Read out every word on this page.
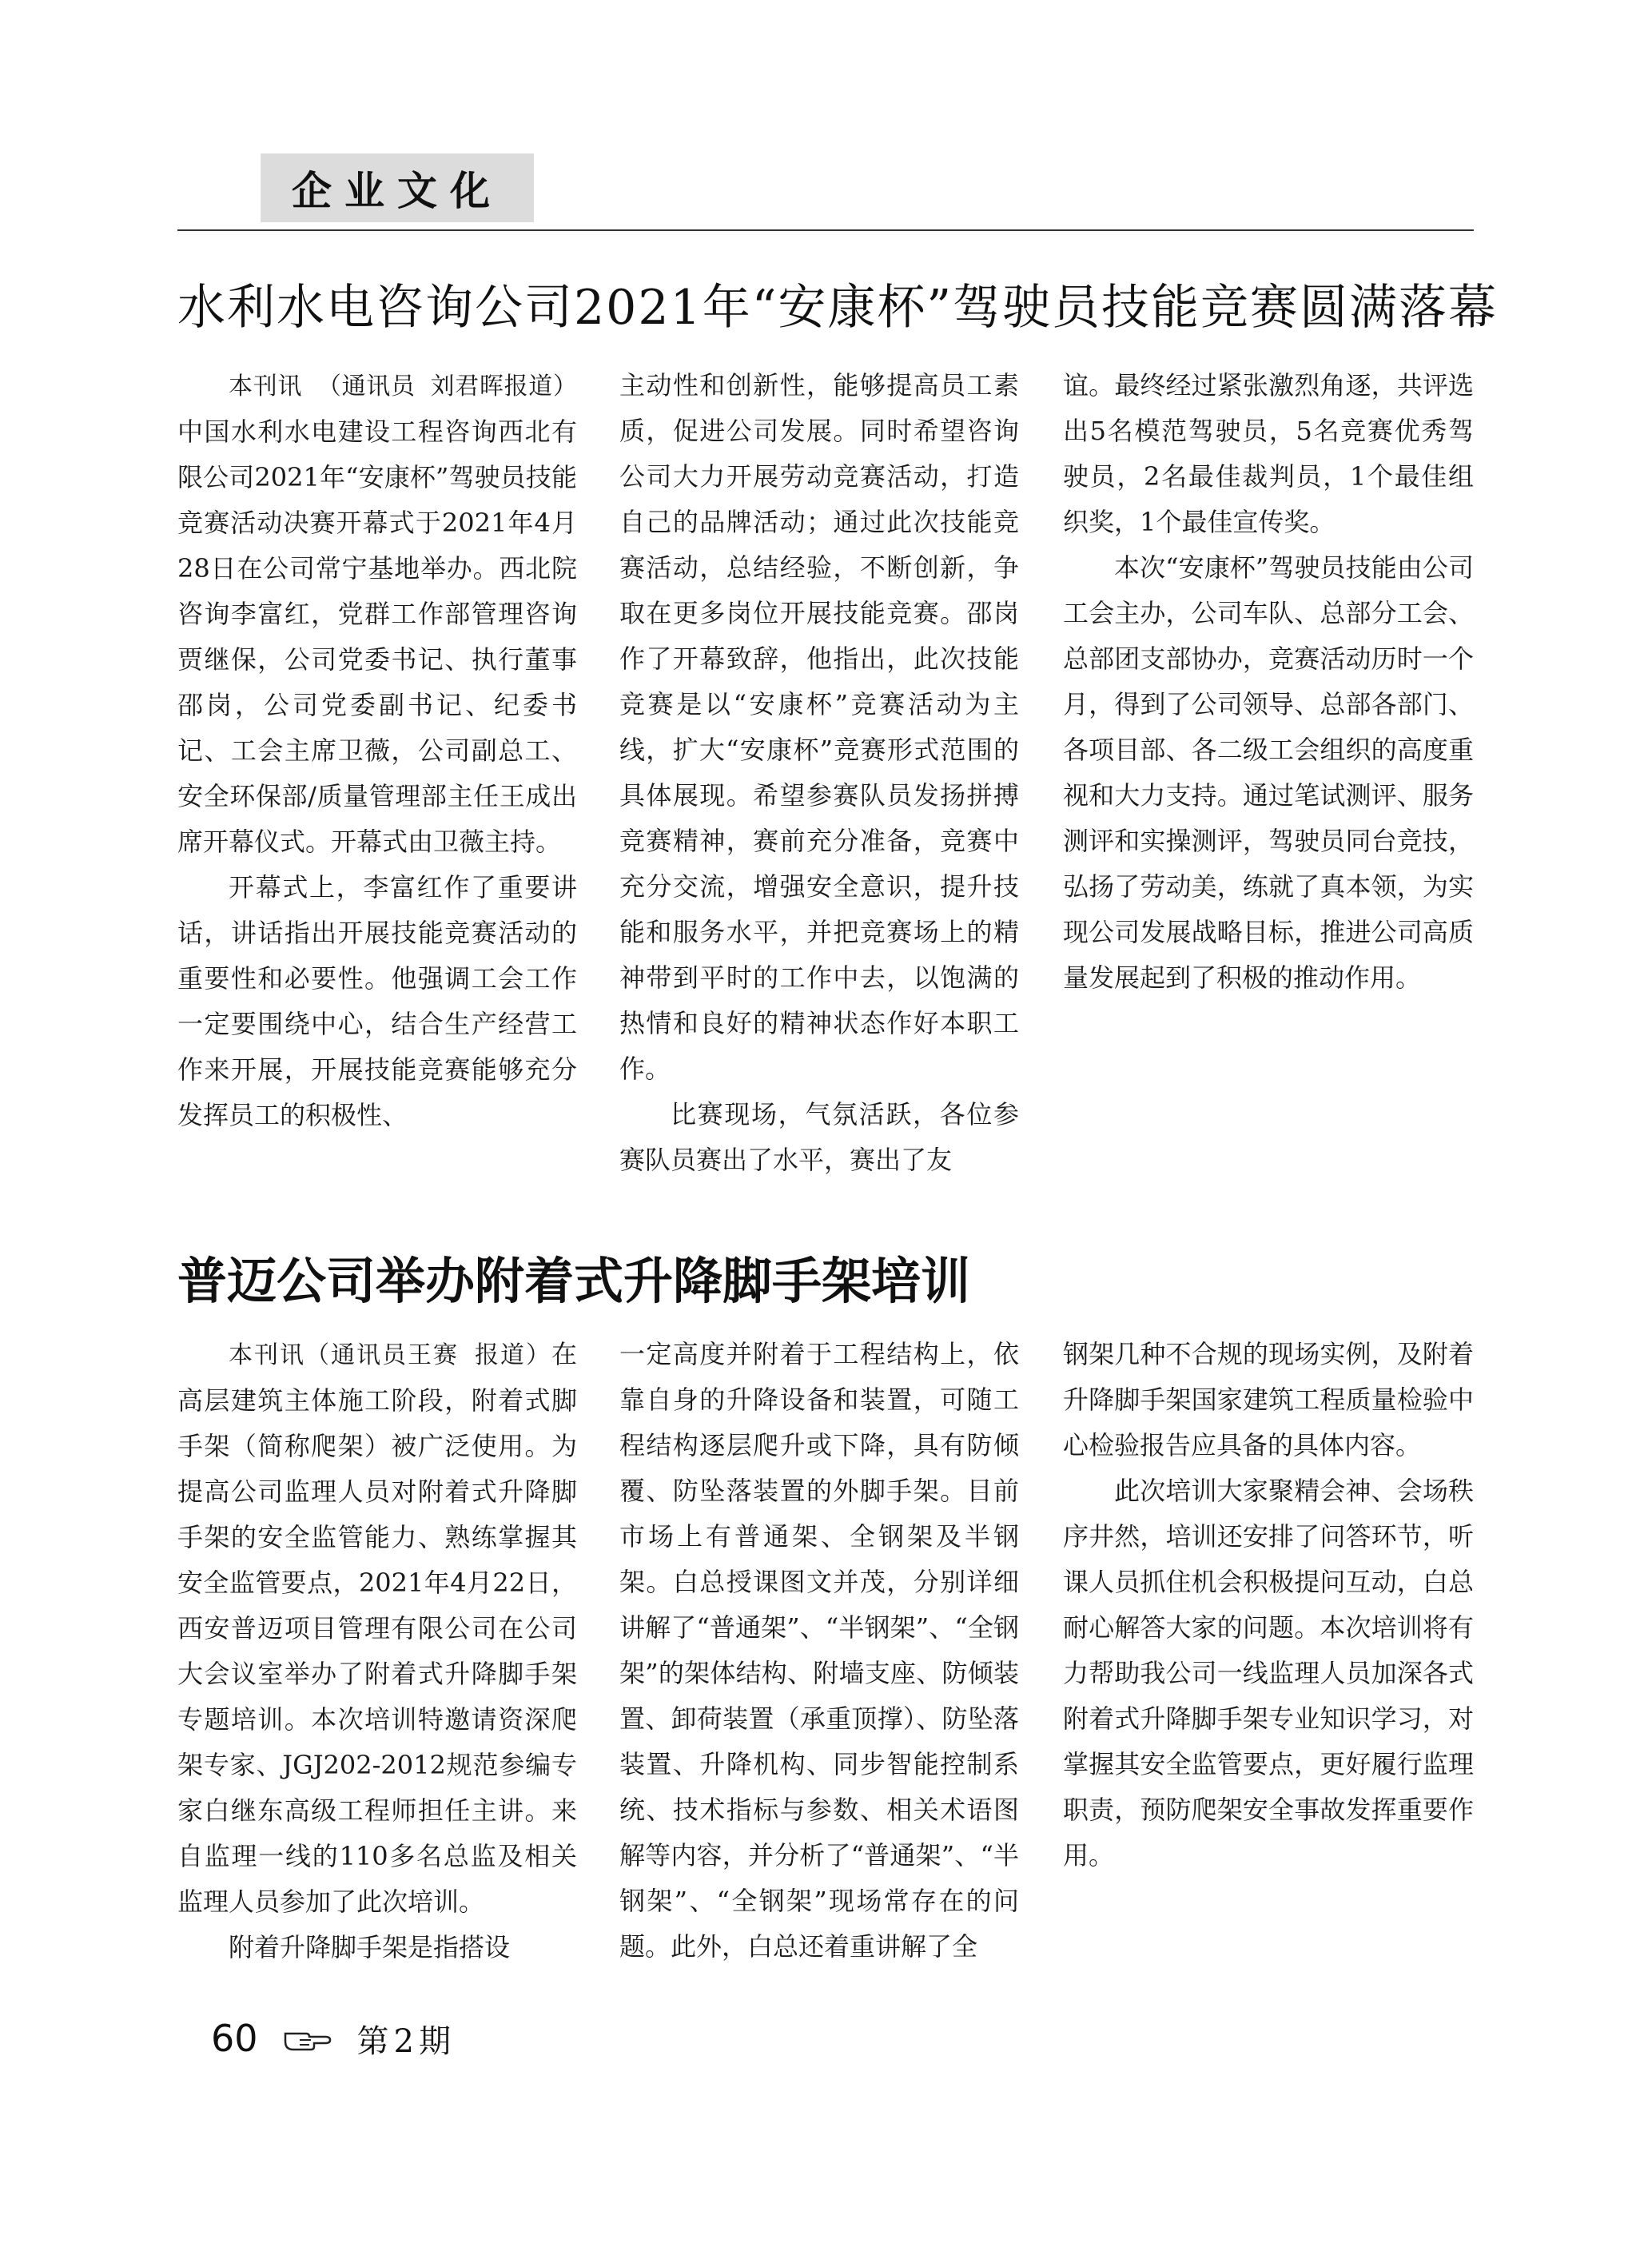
企业文化
水利水电咨询公司2021年“安康杯”驾驶员技能竞赛圆满落幕

本刊讯 （通讯员 刘君晖报道）中国水利水电建设工程咨询西北有限公司2021年“安康杯”驾驶员技能竞赛活动决赛开幕式于2021年4月28日在公司常宁基地举办。西北院咨询李富红，党群工作部管理咨询贾继保，公司党委书记、执行董事邵岗，公司党委副书记、纪委书记、工会主席卫薇，公司副总工、安全环保部/质量管理部主任王成出席开幕仪式。开幕式由卫薇主持。

开幕式上，李富红作了重要讲话，讲话指出开展技能竞赛活动的重要性和必要性。他强调工会工作一定要围绕中心，结合生产经营工作来开展，开展技能竞赛能够充分发挥员工的积极性、

主动性和创新性，能够提高员工素质，促进公司发展。同时希望咨询公司大力开展劳动竞赛活动，打造自己的品牌活动；通过此次技能竞赛活动，总结经验，不断创新，争取在更多岗位开展技能竞赛。邵岗作了开幕致辞，他指出，此次技能竞赛是以“安康杯”竞赛活动为主线，扩大“安康杯”竞赛形式范围的具体展现。希望参赛队员发扬拼搏竞赛精神，赛前充分准备，竞赛中充分交流，增强安全意识，提升技能和服务水平，并把竞赛场上的精神带到平时的工作中去，以饱满的热情和良好的精神状态作好本职工作。

比赛现场，气氛活跃，各位参赛队员赛出了水平，赛出了友

谊。最终经过紧张激烈角逐，共评选出5名模范驾驶员，5名竞赛优秀驾驶员，2名最佳裁判员，1个最佳组织奖，1个最佳宣传奖。

本次“安康杯”驾驶员技能由公司工会主办，公司车队、总部分工会、总部团支部协办，竞赛活动历时一个月，得到了公司领导、总部各部门、各项目部、各二级工会组织的高度重视和大力支持。通过笔试测评、服务测评和实操测评，驾驶员同台竞技，弘扬了劳动美，练就了真本领，为实现公司发展战略目标，推进公司高质量发展起到了积极的推动作用。

普迈公司举办附着式升降脚手架培训

本刊讯（通讯员王赛 报道）在高层建筑主体施工阶段，附着式脚手架（简称爬架）被广泛使用。为提高公司监理人员对附着式升降脚手架的安全监管能力、熟练掌握其安全监管要点，2021年4月22日，西安普迈项目管理有限公司在公司大会议室举办了附着式升降脚手架专题培训。本次培训特邀请资深爬架专家、JGJ202-2012规范参编专家白继东高级工程师担任主讲。来自监理一线的110多名总监及相关监理人员参加了此次培训。

附着升降脚手架是指搭设

一定高度并附着于工程结构上，依靠自身的升降设备和装置，可随工程结构逐层爬升或下降，具有防倾覆、防坠落装置的外脚手架。目前市场上有普通架、全钢架及半钢架。白总授课图文并茂，分别详细讲解了“普通架”、“半钢架”、“全钢架”的架体结构、附墙支座、防倾装置、卸荷装置（承重顶撑）、防坠落装置、升降机构、同步智能控制系统、技术指标与参数、相关术语图解等内容，并分析了“普通架”、“半钢架”、“全钢架”现场常存在的问题。此外，白总还着重讲解了全

钢架几种不合规的现场实例，及附着升降脚手架国家建筑工程质量检验中心检验报告应具备的具体内容。

此次培训大家聚精会神、会场秩序井然，培训还安排了问答环节，听课人员抓住机会积极提问互动，白总耐心解答大家的问题。本次培训将有力帮助我公司一线监理人员加深各式附着式升降脚手架专业知识学习，对掌握其安全监管要点，更好履行监理职责，预防爬架安全事故发挥重要作用。

60	第2期
